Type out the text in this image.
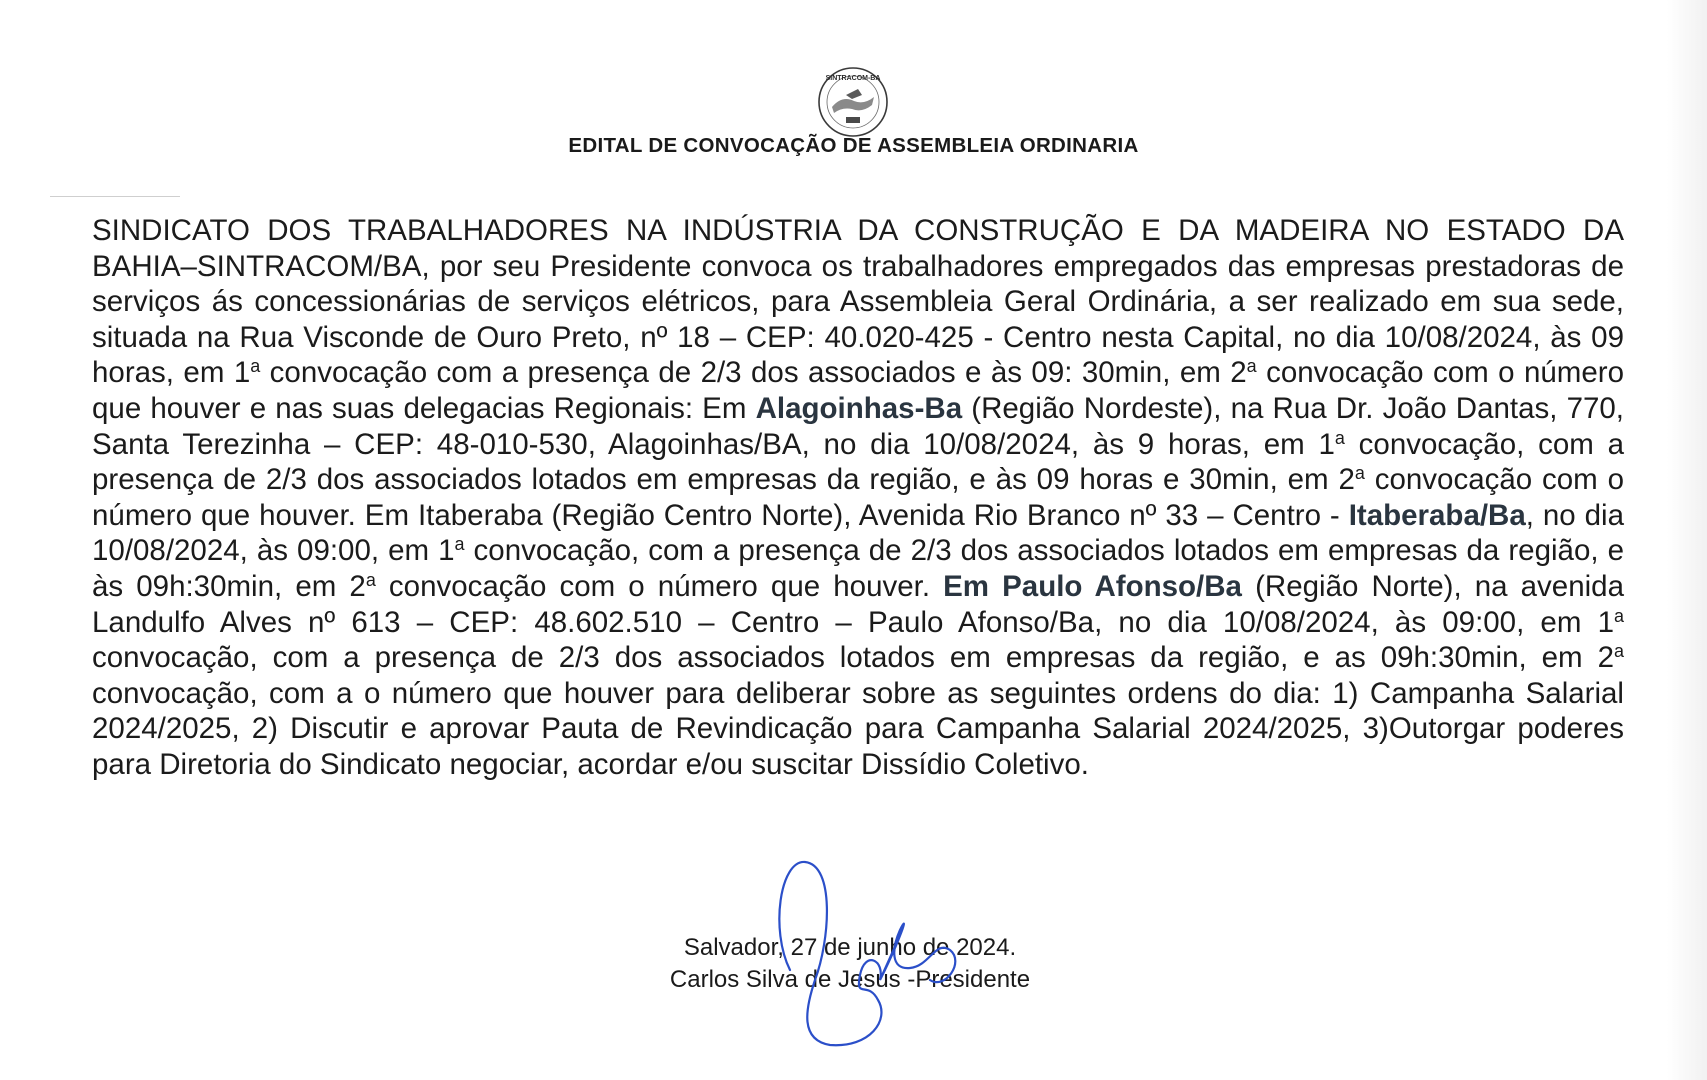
SINTRACOM-BA
EDITAL DE CONVOCAÇÃO DE ASSEMBLEIA ORDINARIA
SINDICATO DOS TRABALHADORES NA INDÚSTRIA DA CONSTRUÇÃO E DA MADEIRA NO ESTADO DA BAHIA–SINTRACOM/BA, por seu Presidente convoca os trabalhadores empregados das empresas prestadoras de serviços ás concessionárias de serviços elétricos, para Assembleia Geral Ordinária, a ser realizado em sua sede, situada na Rua Visconde de Ouro Preto, nº 18 – CEP: 40.020-425 - Centro nesta Capital, no dia 10/08/2024, às 09 horas, em 1$^a$ convocação com a presença de 2/3 dos associados e às 09: 30min, em 2$^a$ convocação com o número que houver e nas suas delegacias Regionais: Em Alagoinhas-Ba (Região Nordeste), na Rua Dr. João Dantas, 770, Santa Terezinha – CEP: 48-010-530, Alagoinhas/BA, no dia 10/08/2024, às 9 horas, em 1$^a$ convocação, com a presença de 2/3 dos associados lotados em empresas da região, e às 09 horas e 30min, em 2$^a$ convocação com o número que houver. Em Itaberaba (Região Centro Norte), Avenida Rio Branco nº 33 – Centro - Itaberaba/Ba, no dia 10/08/2024, às 09:00, em 1$^a$ convocação, com a presença de 2/3 dos associados lotados em empresas da região, e às 09h:30min, em 2$^a$ convocação com o número que houver. Em Paulo Afonso/Ba (Região Norte), na avenida Landulfo Alves nº 613 – CEP: 48.602.510 – Centro – Paulo Afonso/Ba, no dia 10/08/2024, às 09:00, em 1$^a$ convocação, com a presença de 2/3 dos associados lotados em empresas da região, e as 09h:30min, em 2$^a$ convocação, com a o número que houver para deliberar sobre as seguintes ordens do dia: 1) Campanha Salarial 2024/2025, 2) Discutir e aprovar Pauta de Revindicação para Campanha Salarial 2024/2025, 3)Outorgar poderes para Diretoria do Sindicato negociar, acordar e/ou suscitar Dissídio Coletivo.
Salvador, 27 de junho de 2024.
Carlos Silva de Jesus -Presidente
